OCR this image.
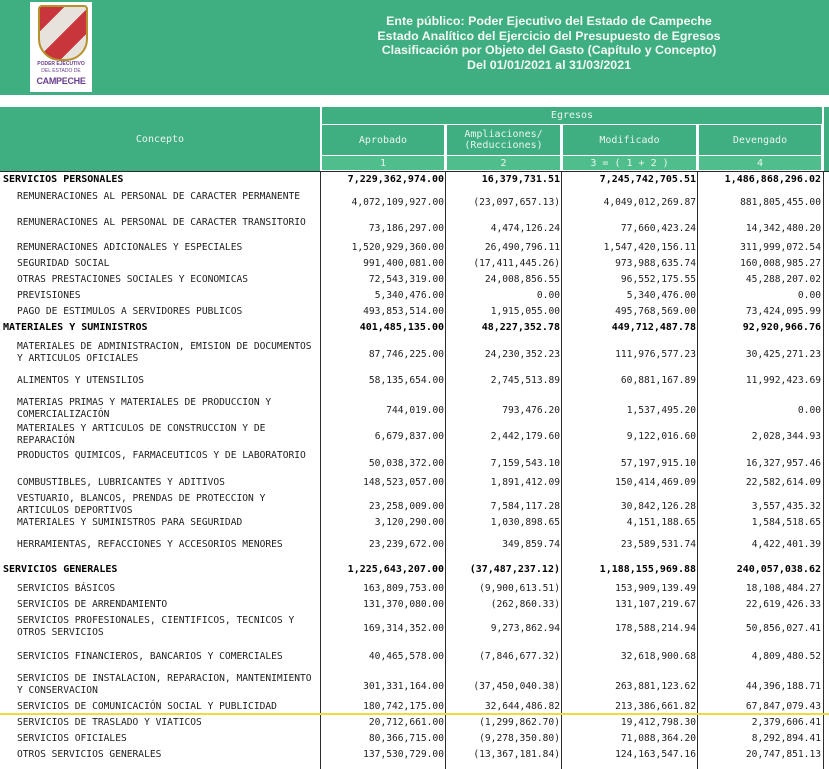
PODER EJECUTIVO
DEL ESTADO DE
CAMPECHE
Ente público: Poder Ejecutivo del Estado de Campeche
Estado Analítico del Ejercicio del Presupuesto de Egresos
Clasificación por Objeto del Gasto (Capítulo y Concepto)
Del 01/01/2021 al 31/03/2021
Concepto
Egresos
Aprobado	Ampliaciones/ (Reducciones)	Modificado	Devengado
1	2	3 = ( 1 + 2 )	4
SERVICIOS PERSONALES	7,229,362,974.00	16,379,731.51	7,245,742,705.51	1,486,868,296.02
REMUNERACIONES AL PERSONAL DE CARACTER PERMANENTE
4,072,109,927.00	(23,097,657.13)	4,049,012,269.87	881,805,455.00
REMUNERACIONES AL PERSONAL DE CARACTER TRANSITORIO
73,186,297.00	4,474,126.24	77,660,423.24	14,342,480.20
REMUNERACIONES ADICIONALES Y ESPECIALES	1,520,929,360.00	26,490,796.11	1,547,420,156.11	311,999,072.54
SEGURIDAD SOCIAL	991,400,081.00	(17,411,445.26)	973,988,635.74	160,008,985.27
OTRAS PRESTACIONES SOCIALES Y ECONOMICAS	72,543,319.00	24,008,856.55	96,552,175.55	45,288,207.02
PREVISIONES	5,340,476.00	0.00	5,340,476.00	0.00
PAGO DE ESTIMULOS A SERVIDORES PUBLICOS	493,853,514.00	1,915,055.00	495,768,569.00	73,424,095.99
MATERIALES Y SUMINISTROS	401,485,135.00	48,227,352.78	449,712,487.78	92,920,966.76
MATERIALES DE ADMINISTRACION, EMISION DE DOCUMENTOS Y ARTICULOS OFICIALES	87,746,225.00	24,230,352.23	111,976,577.23	30,425,271.23
ALIMENTOS Y UTENSILIOS	58,135,654.00	2,745,513.89	60,881,167.89	11,992,423.69
MATERIAS PRIMAS Y MATERIALES DE PRODUCCION Y COMERCIALIZACIÓN	744,019.00	793,476.20	1,537,495.20	0.00
MATERIALES Y ARTICULOS DE CONSTRUCCION Y DE REPARACIÓN	6,679,837.00	2,442,179.60	9,122,016.60	2,028,344.93
PRODUCTOS QUIMICOS, FARMACEUTICOS Y DE LABORATORIO
50,038,372.00	7,159,543.10	57,197,915.10	16,327,957.46
COMBUSTIBLES, LUBRICANTES Y ADITIVOS	148,523,057.00	1,891,412.09	150,414,469.09	22,582,614.09
VESTUARIO, BLANCOS, PRENDAS DE PROTECCION Y ARTICULOS DEPORTIVOS	23,258,009.00	7,584,117.28	30,842,126.28	3,557,435.32
MATERIALES Y SUMINISTROS PARA SEGURIDAD	3,120,290.00	1,030,898.65	4,151,188.65	1,584,518.65
HERRAMIENTAS, REFACCIONES Y ACCESORIOS MENORES	23,239,672.00	349,859.74	23,589,531.74	4,422,401.39
SERVICIOS GENERALES	1,225,643,207.00	(37,487,237.12)	1,188,155,969.88	240,057,038.62
SERVICIOS BÁSICOS	163,809,753.00	(9,900,613.51)	153,909,139.49	18,108,484.27
SERVICIOS DE ARRENDAMIENTO	131,370,080.00	(262,860.33)	131,107,219.67	22,619,426.33
SERVICIOS PROFESIONALES, CIENTIFICOS, TECNICOS Y OTROS SERVICIOS	169,314,352.00	9,273,862.94	178,588,214.94	50,856,027.41
SERVICIOS FINANCIEROS, BANCARIOS Y COMERCIALES	40,465,578.00	(7,846,677.32)	32,618,900.68	4,809,480.52
SERVICIOS DE INSTALACION, REPARACION, MANTENIMIENTO Y CONSERVACION	301,331,164.00	(37,450,040.38)	263,881,123.62	44,396,188.71
SERVICIOS DE COMUNICACIÓN SOCIAL Y PUBLICIDAD	180,742,175.00	32,644,486.82	213,386,661.82	67,847,079.43
SERVICIOS DE TRASLADO Y VIATICOS	20,712,661.00	(1,299,862.70)	19,412,798.30	2,379,606.41
SERVICIOS OFICIALES	80,366,715.00	(9,278,350.80)	71,088,364.20	8,292,894.41
OTROS SERVICIOS GENERALES	137,530,729.00	(13,367,181.84)	124,163,547.16	20,747,851.13
